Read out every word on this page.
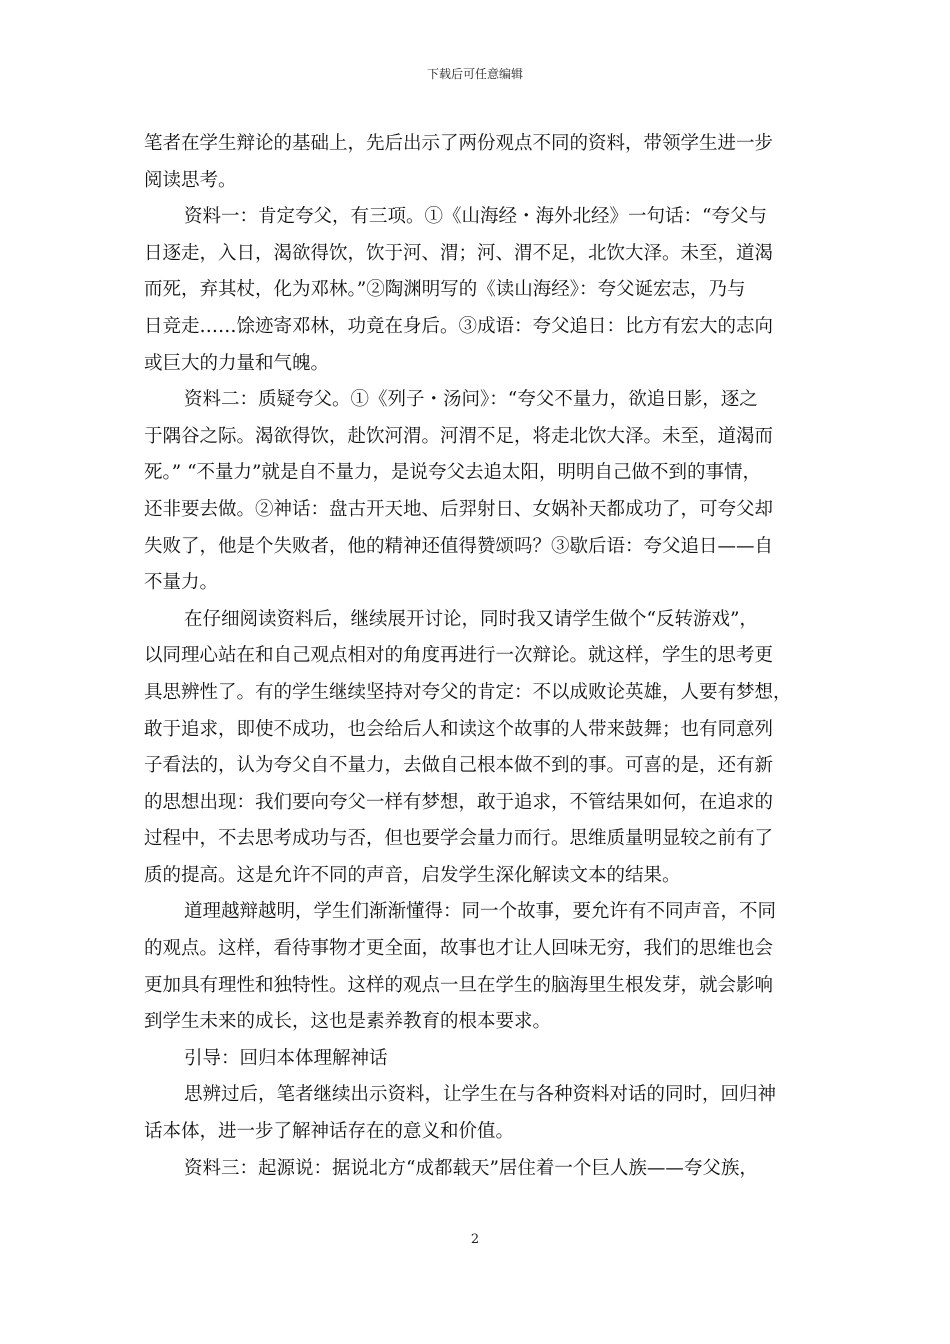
下载后可任意编辑
笔者在学生辩论的基础上，先后出示了两份观点不同的资料，带领学生进一步
阅读思考。
资料一：肯定夸父，有三项。①《山海经・海外北经》一句话：“夸父与
日逐走，入日，渴欲得饮，饮于河、渭；河、渭不足，北饮大泽。未至，道渴
而死，弃其杖，化为邓林。”②陶渊明写的《读山海经》：夸父诞宏志，乃与
日竞走……馀迹寄邓林，功竟在身后。③成语：夸父追日：比方有宏大的志向
或巨大的力量和气魄。
资料二：质疑夸父。①《列子・汤问》：“夸父不量力，欲追日影，逐之
于隅谷之际。渴欲得饮，赴饮河渭。河渭不足，将走北饮大泽。未至，道渴而
死。” “不量力”就是自不量力，是说夸父去追太阳，明明自己做不到的事情，
还非要去做。②神话：盘古开天地、后羿射日、女娲补天都成功了，可夸父却
失败了，他是个失败者，他的精神还值得赞颂吗？③歇后语：夸父追日——自
不量力。
在仔细阅读资料后，继续展开讨论，同时我又请学生做个“反转游戏”，
以同理心站在和自己观点相对的角度再进行一次辩论。就这样，学生的思考更
具思辨性了。有的学生继续坚持对夸父的肯定：不以成败论英雄，人要有梦想，
敢于追求，即使不成功，也会给后人和读这个故事的人带来鼓舞；也有同意列
子看法的，认为夸父自不量力，去做自己根本做不到的事。可喜的是，还有新
的思想出现：我们要向夸父一样有梦想，敢于追求，不管结果如何，在追求的
过程中，不去思考成功与否，但也要学会量力而行。思维质量明显较之前有了
质的提高。这是允许不同的声音，启发学生深化解读文本的结果。
道理越辩越明，学生们渐渐懂得：同一个故事，要允许有不同声音，不同
的观点。这样，看待事物才更全面，故事也才让人回味无穷，我们的思维也会
更加具有理性和独特性。这样的观点一旦在学生的脑海里生根发芽，就会影响
到学生未来的成长，这也是素养教育的根本要求。
引导：回归本体理解神话
思辨过后，笔者继续出示资料，让学生在与各种资料对话的同时，回归神
话本体，进一步了解神话存在的意义和价值。
资料三：起源说：据说北方“成都载天”居住着一个巨人族——夸父族，
2
